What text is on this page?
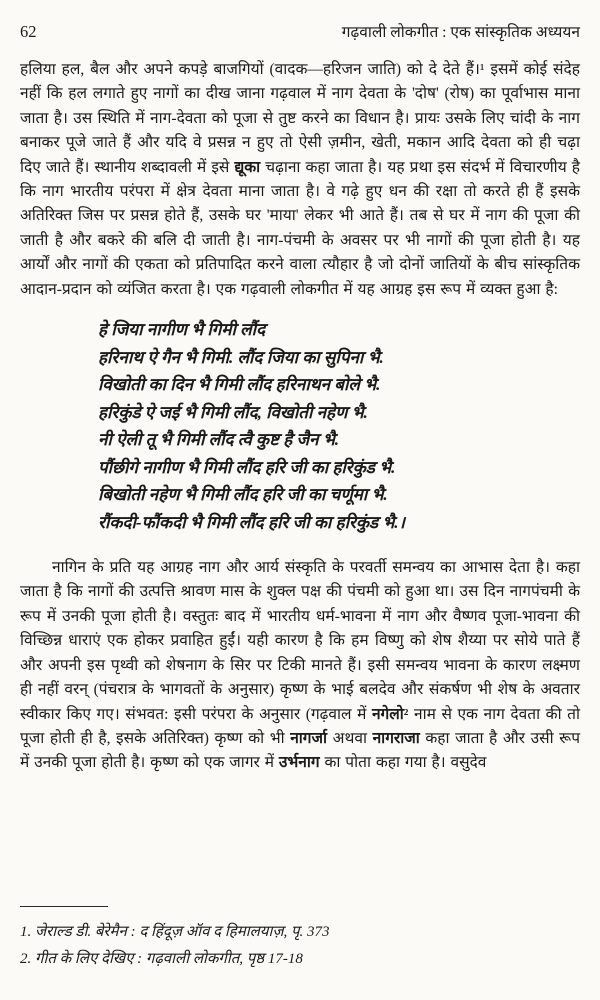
62	गढ़वाली लोकगीत : एक सांस्कृतिक अध्ययन
हलिया हल, बैल और अपने कपड़े बाजगियों (वादक—हरिजन जाति) को दे देते हैं।¹ इसमें कोई संदेह नहीं कि हल लगाते हुए नागों का दीख जाना गढ़वाल में नाग देवता के 'दोष' (रोष) का पूर्वाभास माना जाता है। उस स्थिति में नाग-देवता को पूजा से तुष्ट करने का विधान है। प्रायः उसके लिए चांदी के नाग बनाकर पूजे जाते हैं और यदि वे प्रसन्न न हुए तो ऐसी ज़मीन, खेती, मकान आदि देवता को ही चढ़ा दिए जाते हैं। स्थानीय शब्दावली में इसे द्यूका चढ़ाना कहा जाता है। यह प्रथा इस संदर्भ में विचारणीय है कि नाग भारतीय परंपरा में क्षेत्र देवता माना जाता है। वे गढ़े हुए धन की रक्षा तो करते ही हैं इसके अतिरिक्त जिस पर प्रसन्न होते हैं, उसके घर 'माया' लेकर भी आते हैं। तब से घर में नाग की पूजा की जाती है और बकरे की बलि दी जाती है। नाग-पंचमी के अवसर पर भी नागों की पूजा होती है। यह आर्यों और नागों की एकता को प्रतिपादित करने वाला त्यौहार है जो दोनों जातियों के बीच सांस्कृतिक आदान-प्रदान को व्यंजित करता है। एक गढ़वाली लोकगीत में यह आग्रह इस रूप में व्यक्त हुआ है:
हे जिया नागीण भै गिमी लौंद
हरिनाथ ऐ गैन भै गिमी. लौंद जिया का सुपिना भै.
विखोती का दिन भै गिमी लौंद हरिनाथन बोले भै.
हरिकुंडे ऐ जई भै गिमी लौंद, विखोती नहेण भै.
नी ऐली तू भै गिमी लौंद त्वै कुष्ट है जैन भै.
पौंछीगे नागीण भै गिमी लौंद हरि जी का हरिकुंड भै.
बिखोती नहेण भै गिमी लौंद हरि जी का चर्णूमा भै.
रौंकदी-फौंकदी भै गिमी लौंद हरि जी का हरिकुंड भै.।
नागिन के प्रति यह आग्रह नाग और आर्य संस्कृति के परवर्ती समन्वय का आभास देता है। कहा जाता है कि नागों की उत्पत्ति श्रावण मास के शुक्ल पक्ष की पंचमी को हुआ था। उस दिन नागपंचमी के रूप में उनकी पूजा होती है। वस्तुतः बाद में भारतीय धर्म-भावना में नाग और वैष्णव पूजा-भावना की विच्छिन्न धाराएं एक होकर प्रवाहित हुईं। यही कारण है कि हम विष्णु को शेष शैय्या पर सोये पाते हैं और अपनी इस पृथ्वी को शेषनाग के सिर पर टिकी मानते हैं। इसी समन्वय भावना के कारण लक्ष्मण ही नहीं वरन् (पंचरात्र के भागवतों के अनुसार) कृष्ण के भाई बलदेव और संकर्षण भी शेष के अवतार स्वीकार किए गए। संभवत: इसी परंपरा के अनुसार (गढ़वाल में नगेलो² नाम से एक नाग देवता की तो पूजा होती ही है, इसके अतिरिक्त) कृष्ण को भी नागर्जा अथवा नागराजा कहा जाता है और उसी रूप में उनकी पूजा होती है। कृष्ण को एक जागर में उर्भनाग का पोता कहा गया है। वसुदेव
1. जेराल्ड डी. बेरेमैन : द हिंदूज़ ऑव द हिमालयाज़, पृ. 373
2. गीत के लिए देखिए : गढ़वाली लोकगीत, पृष्ठ 17-18
